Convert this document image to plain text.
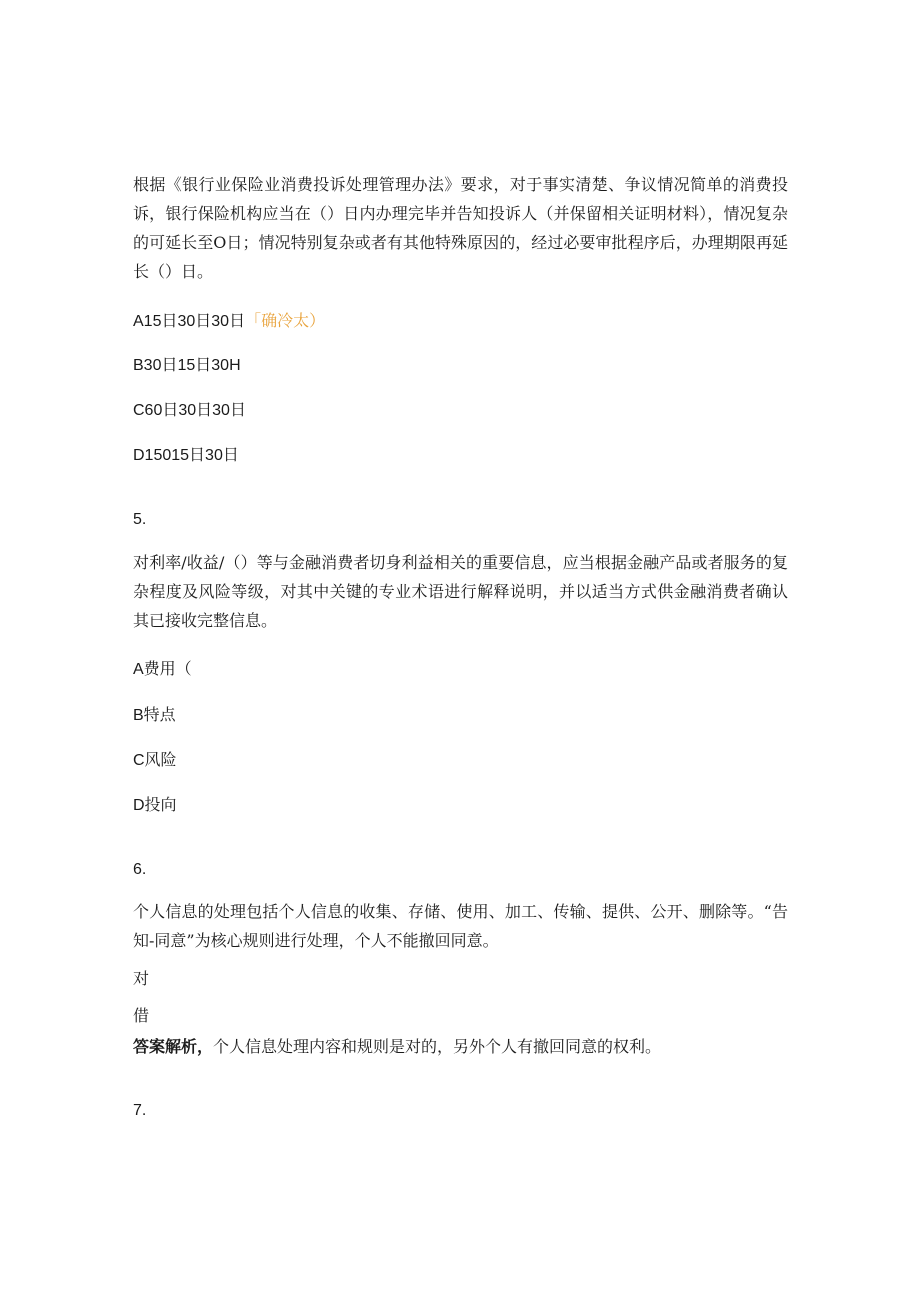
根据《银行业保险业消费投诉处理管理办法》要求，对于事实清楚、争议情况简单的消费投诉，银行保险机构应当在（）日内办理完毕并告知投诉人（并保留相关证明材料），情况复杂的可延长至O日；情况特别复杂或者有其他特殊原因的，经过必要审批程序后，办理期限再延长（）日。
A15日30日30日「确冷太）
B30日15日30H
C60日30日30日
D15015日30日
5.
对利率/收益/（）等与金融消费者切身利益相关的重要信息，应当根据金融产品或者服务的复杂程度及风险等级，对其中关键的专业术语进行解释说明，并以适当方式供金融消费者确认其已接收完整信息。
A费用（
B特点
C风险
D投向
6.
个人信息的处理包括个人信息的收集、存储、使用、加工、传输、提供、公开、删除等。“告知-同意”为核心规则进行处理，个人不能撤回同意。
对
借
答案解析，个人信息处理内容和规则是对的，另外个人有撤回同意的权利。
7.
